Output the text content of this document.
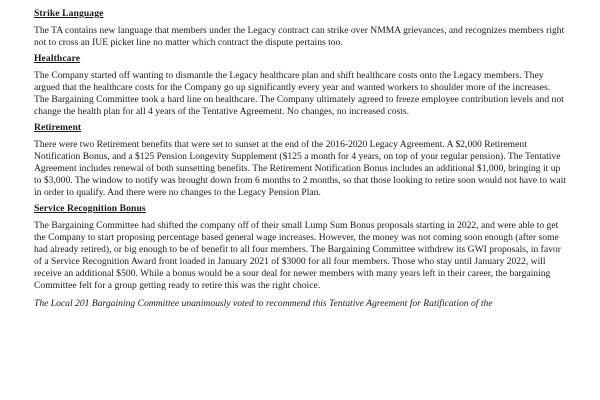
Strike Language
The TA contains new language that members under the Legacy contract can strike over NMMA grievances, and recognizes members right not to cross an IUE picket line no matter which contract the dispute pertains too.
Healthcare
The Company started off wanting to dismantle the Legacy healthcare plan and shift healthcare costs onto the Legacy members. They argued that the healthcare costs for the Company go up significantly every year and wanted workers to shoulder more of the increases. The Bargaining Committee took a hard line on healthcare. The Company ultimately agreed to freeze employee contribution levels and not change the health plan for all 4 years of the Tentative Agreement. No changes, no increased costs.
Retirement
There were two Retirement benefits that were set to sunset at the end of the 2016-2020 Legacy Agreement. A $2,000 Retirement Notification Bonus, and a $125 Pension Longevity Supplement ($125 a month for 4 years, on top of your regular pension). The Tentative Agreement includes renewal of both sunsetting benefits. The Retirement Notification Bonus includes an additional $1,000, bringing it up to $3,000. The window to notify was brought down from 6 months to 2 months, so that those looking to retire soon would not have to wait in order to qualify. And there were no changes to the Legacy Pension Plan.
Service Recognition Bonus
The Bargaining Committee had shifted the company off of their small Lump Sum Bonus proposals starting in 2022, and were able to get the Company to start proposing percentage based general wage increases. However, the money was not coming soon enough (after some had already retired), or big enough to be of benefit to all four members. The Bargaining Committee withdrew its GWI proposals, in favor of a Service Recognition Award front loaded in January 2021 of $3000 for all four members. Those who stay until January 2022, will receive an additional $500. While a bonus would be a sour deal for newer members with many years left in their career, the bargaining Committee felt for a group getting ready to retire this was the right choice.
The Local 201 Bargaining Committee unanimously voted to recommend this Tentative Agreement for Ratification of the
